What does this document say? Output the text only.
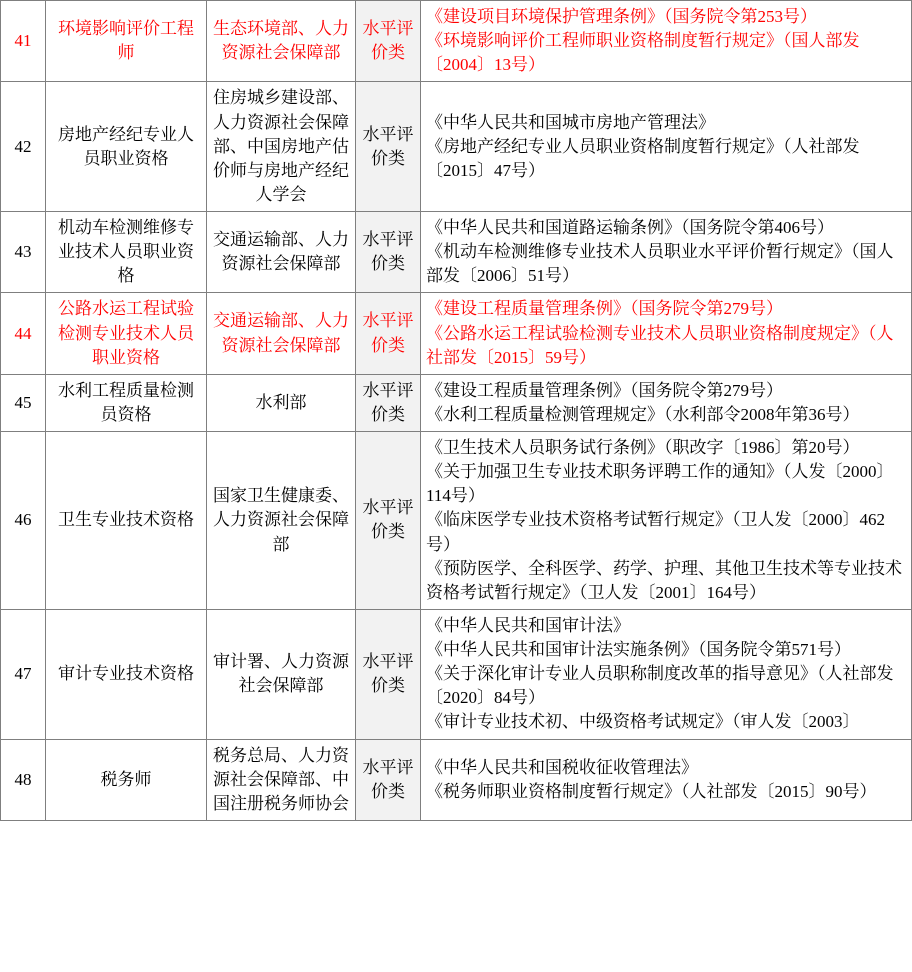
41	环境影响评价工程师	生态环境部、人力资源社会保障部	水平评价类	《建设项目环境保护管理条例》（国务院令第253号）
《环境影响评价工程师职业资格制度暂行规定》（国人部发〔2004〕13号）

42	房地产经纪专业人员职业资格	住房城乡建设部、人力资源社会保障部、中国房地产估价师与房地产经纪人学会	水平评价类	《中华人民共和国城市房地产管理法》
《房地产经纪专业人员职业资格制度暂行规定》（人社部发〔2015〕47号）

43	机动车检测维修专业技术人员职业资格	交通运输部、人力资源社会保障部	水平评价类	《中华人民共和国道路运输条例》（国务院令第406号）
《机动车检测维修专业技术人员职业水平评价暂行规定》（国人部发〔2006〕51号）

44	公路水运工程试验检测专业技术人员职业资格	交通运输部、人力资源社会保障部	水平评价类	《建设工程质量管理条例》（国务院令第279号）
《公路水运工程试验检测专业技术人员职业资格制度规定》（人社部发〔2015〕59号）

45	水利工程质量检测员资格	水利部	水平评价类	《建设工程质量管理条例》（国务院令第279号）
《水利工程质量检测管理规定》（水利部令2008年第36号）

46	卫生专业技术资格	国家卫生健康委、人力资源社会保障部	水平评价类	《卫生技术人员职务试行条例》（职改字〔1986〕第20号）
《关于加强卫生专业技术职务评聘工作的通知》（人发〔2000〕114号）
《临床医学专业技术资格考试暂行规定》（卫人发〔2000〕462号）
《预防医学、全科医学、药学、护理、其他卫生技术等专业技术资格考试暂行规定》（卫人发〔2001〕164号）

47	审计专业技术资格	审计署、人力资源社会保障部	水平评价类	《中华人民共和国审计法》
《中华人民共和国审计法实施条例》（国务院令第571号）
《关于深化审计专业人员职称制度改革的指导意见》（人社部发〔2020〕84号）
《审计专业技术初、中级资格考试规定》（审人发〔2003〕

48	税务师	税务总局、人力资源社会保障部、中国注册税务师协会	水平评价类	《中华人民共和国税收征收管理法》
《税务师职业资格制度暂行规定》（人社部发〔2015〕90号）
